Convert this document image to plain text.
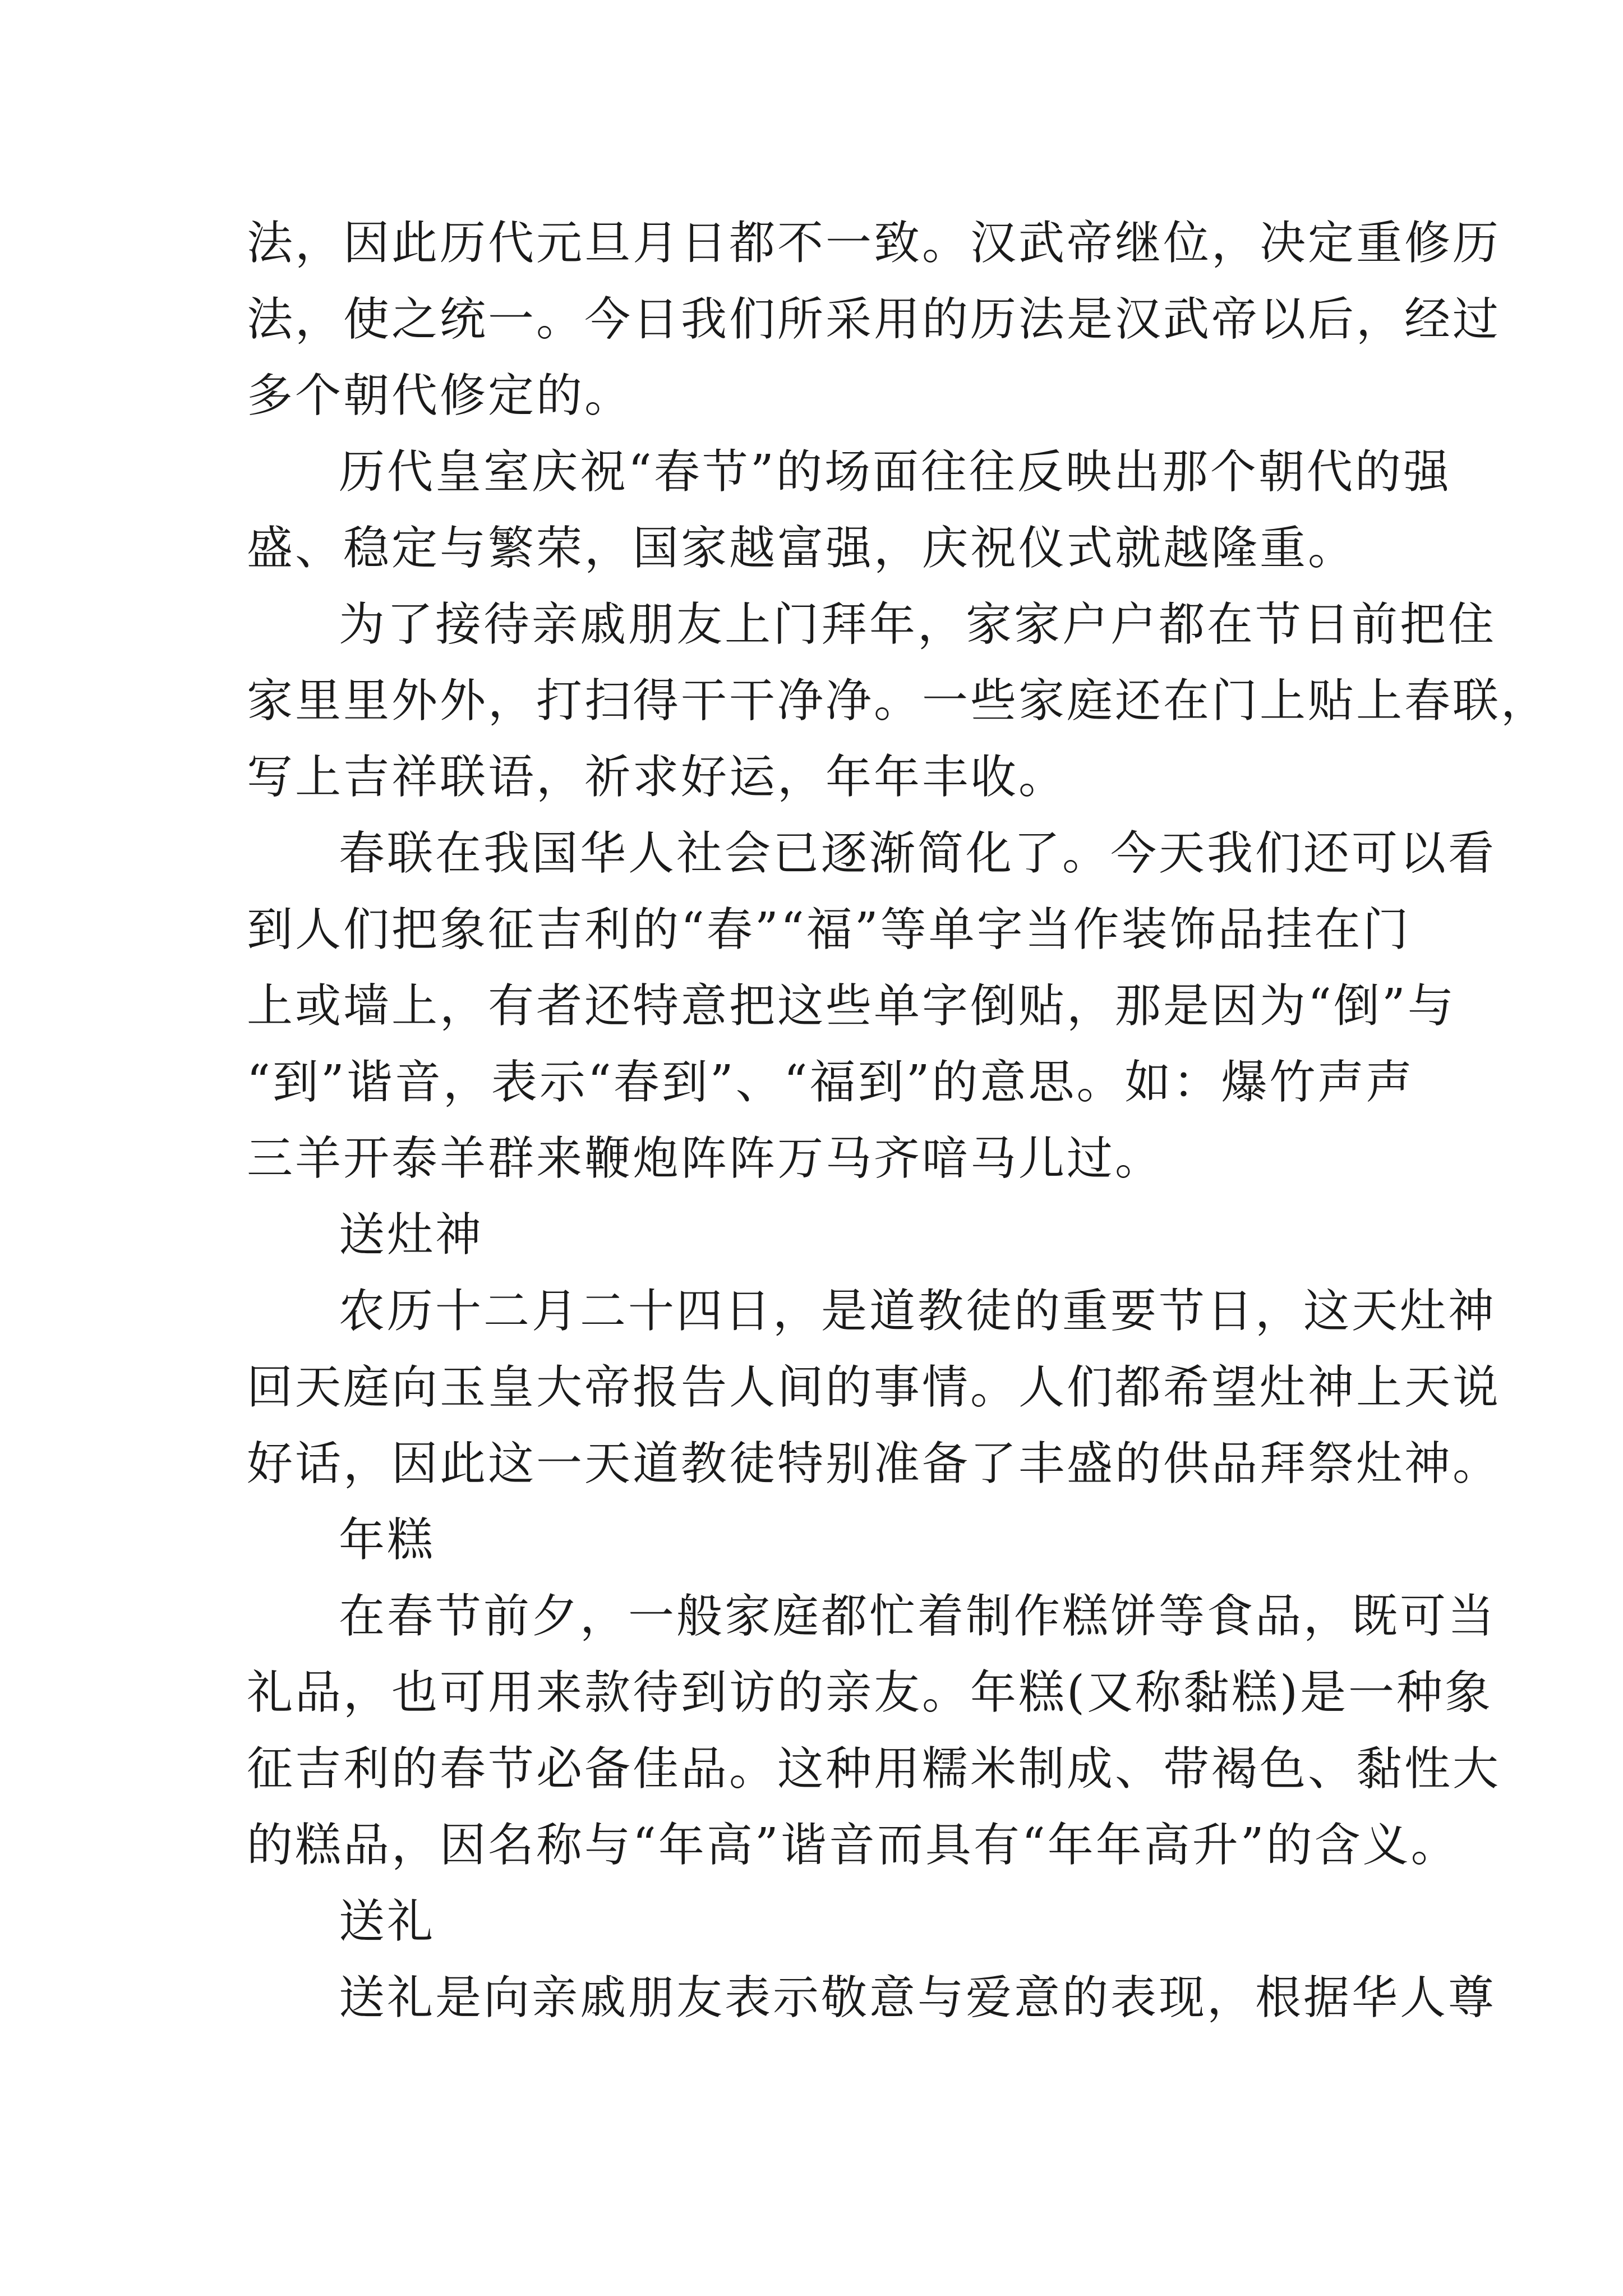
法，因此历代元旦月日都不一致。汉武帝继位，决定重修历
法，使之统一。今日我们所采用的历法是汉武帝以后，经过
多个朝代修定的。
历代皇室庆祝“春节”的场面往往反映出那个朝代的强
盛、稳定与繁荣，国家越富强，庆祝仪式就越隆重。
为了接待亲戚朋友上门拜年，家家户户都在节日前把住
家里里外外，打扫得干干净净。一些家庭还在门上贴上春联，
写上吉祥联语，祈求好运，年年丰收。
春联在我国华人社会已逐渐简化了。今天我们还可以看
到人们把象征吉利的“春”“福”等单字当作装饰品挂在门
上或墙上，有者还特意把这些单字倒贴，那是因为“倒”与
“到”谐音，表示“春到”、“福到”的意思。如：爆竹声声
三羊开泰羊群来鞭炮阵阵万马齐喑马儿过。
送灶神
农历十二月二十四日，是道教徒的重要节日，这天灶神
回天庭向玉皇大帝报告人间的事情。人们都希望灶神上天说
好话，因此这一天道教徒特别准备了丰盛的供品拜祭灶神。
年糕
在春节前夕，一般家庭都忙着制作糕饼等食品，既可当
礼品，也可用来款待到访的亲友。年糕(又称黏糕)是一种象
征吉利的春节必备佳品。这种用糯米制成、带褐色、黏性大
的糕品，因名称与“年高”谐音而具有“年年高升”的含义。
送礼
送礼是向亲戚朋友表示敬意与爱意的表现，根据华人尊
